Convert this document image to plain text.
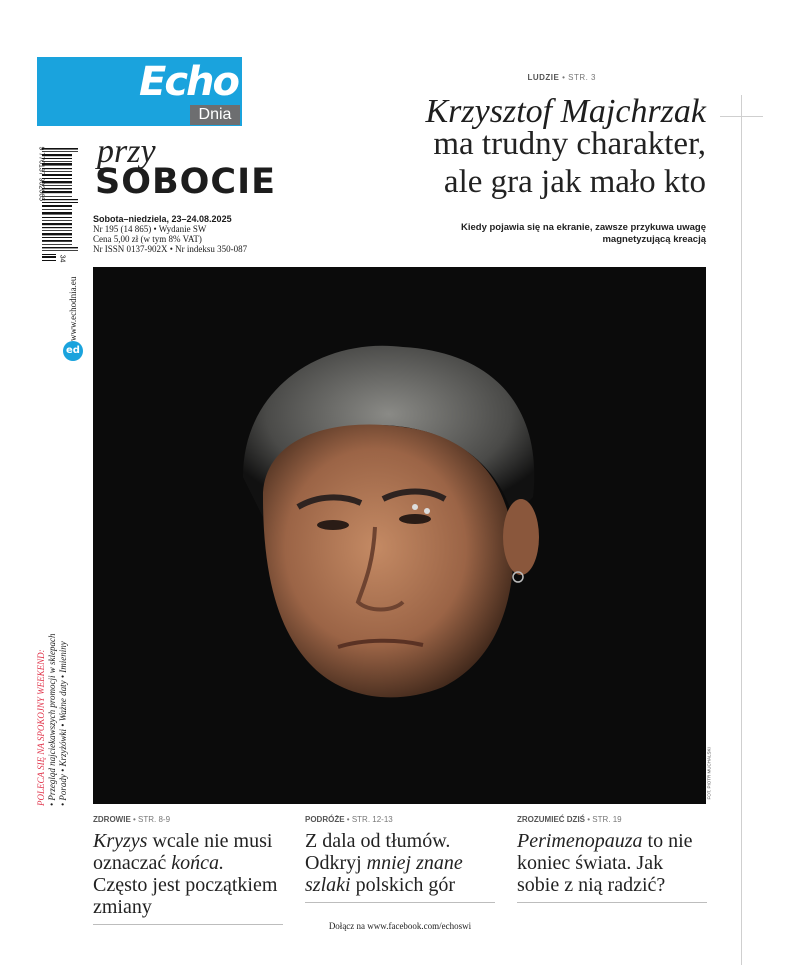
Echo
Dnia
przy
SOBOCIE
9 770137 902065
34
Sobota–niedziela, 23–24.08.2025
Nr 195 (14 865) • Wydanie SW
Cena 5,00 zł (w tym 8% VAT)
Nr ISSN 0137-902X • Nr indeksu 350-087
www.echodnia.eu
ed
POLECA SIĘ NA SPOKOJNY WEEKEND: • Przegląd najciekawszych promocji w sklepach • Porady • Krzyżówki • Ważne daty • Imieniny
LUDZIE • STR. 3
Krzysztof Majchrzak
ma trudny charakter,
ale gra jak mało kto
Kiedy pojawia się na ekranie, zawsze przykuwa uwagę
magnetyzującą kreacją
FOT. PIOTR MUCHALSKI
ZDROWIE • STR. 8-9
Kryzys wcale nie musi oznaczać końca. Często jest początkiem zmiany
PODRÓŻE • STR. 12-13
Z dala od tłumów. Odkryj mniej znane szlaki polskich gór
ZROZUMIEĆ DZIŚ • STR. 19
Perimenopauza to nie koniec świata. Jak sobie z nią radzić?
Dołącz na www.facebook.com/echoswi
